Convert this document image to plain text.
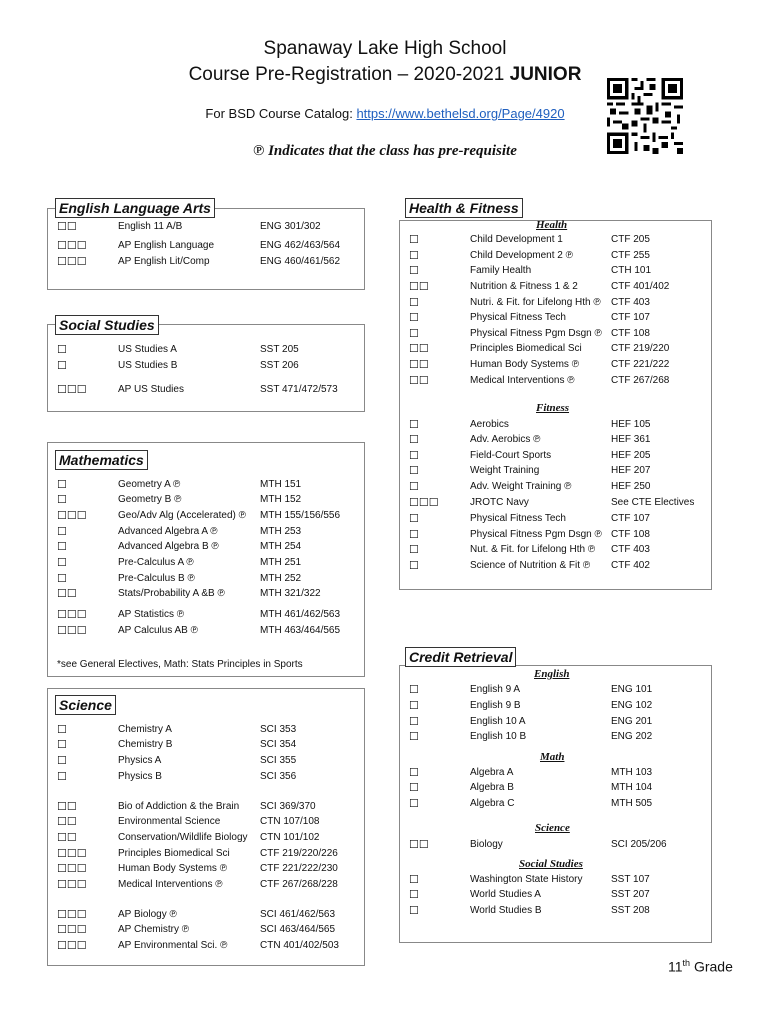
Spanaway Lake High School
Course Pre-Registration – 2020-2021 JUNIOR
For BSD Course Catalog: https://www.bethelsd.org/Page/4920
℗ Indicates that the class has pre-requisite
English Language Arts
☐☐	English 11 A/B	ENG 301/302
☐☐☐	AP English Language	ENG 462/463/564
☐☐☐	AP English Lit/Comp	ENG 460/461/562
Social Studies
☐	US Studies A	SST 205
☐	US Studies B	SST 206
☐☐☐	AP US Studies	SST 471/472/573
Mathematics
*see General Electives, Math: Stats Principles in Sports
☐	Geometry A ℗	MTH 151
☐	Geometry B ℗	MTH 152
☐☐☐	Geo/Adv Alg (Accelerated) ℗ MTH 155/156/556
☐	Advanced Algebra A ℗	MTH 253
☐	Advanced Algebra B ℗	MTH 254
☐	Pre-Calculus A ℗	MTH 251
☐	Pre-Calculus B ℗	MTH 252
☐☐	Stats/Probability A &B ℗	MTH 321/322
☐☐☐	AP Statistics ℗	MTH 461/462/563
☐☐☐	AP Calculus AB ℗	MTH 463/464/565
Science
☐	Chemistry A	SCI 353
☐	Chemistry B	SCI 354
☐	Physics A	SCI 355
☐	Physics B	SCI 356
☐☐	Bio of Addiction & the Brain SCI 369/370
☐☐	Environmental Science	CTN 107/108
☐☐	Conservation/Wildlife Biology CTN 101/102
☐☐☐	Principles Biomedical Sci	CTF 219/220/226
☐☐☐	Human Body Systems ℗	CTF 221/222/230
☐☐☐	Medical Interventions ℗	CTF 267/268/228
☐☐☐	AP Biology ℗	SCI 461/462/563
☐☐☐	AP Chemistry ℗	SCI 463/464/565
☐☐☐	AP Environmental Sci. ℗	CTN 401/402/503
Health & Fitness
Health
Fitness
☐	Child Development 1	CTF 205
☐	Child Development 2 ℗	CTF 255
☐	Family Health	CTH 101
☐☐	Nutrition & Fitness 1 & 2	CTF 401/402
☐	Nutri. & Fit. for Lifelong Hth ℗ CTF 403
☐	Physical Fitness Tech	CTF 107
☐	Physical Fitness Pgm Dsgn ℗ CTF 108
☐☐	Principles Biomedical Sci	CTF 219/220
☐☐	Human Body Systems ℗	CTF 221/222
☐☐	Medical Interventions ℗	CTF 267/268
☐	Aerobics	HEF 105
☐	Adv. Aerobics ℗	HEF 361
☐	Field-Court Sports	HEF 205
☐	Weight Training	HEF 207
☐	Adv. Weight Training ℗	HEF 250
☐☐☐	JROTC Navy	See CTE Electives
☐	Physical Fitness Tech	CTF 107
☐	Physical Fitness Pgm Dsgn ℗ CTF 108
☐	Nut. & Fit. for Lifelong Hth ℗ CTF 403
☐	Science of Nutrition & Fit ℗ CTF 402
Credit Retrieval
English
Math
Science
Social Studies
☐	English 9 A	ENG 101
☐	English 9 B	ENG 102
☐	English 10 A	ENG 201
☐	English 10 B	ENG 202
☐	Algebra A	MTH 103
☐	Algebra B	MTH 104
☐	Algebra C	MTH 505
☐☐	Biology	SCI 205/206
☐	Washington State History	SST 107
☐	World Studies A	SST 207
☐	World Studies B	SST 208
11th Grade
